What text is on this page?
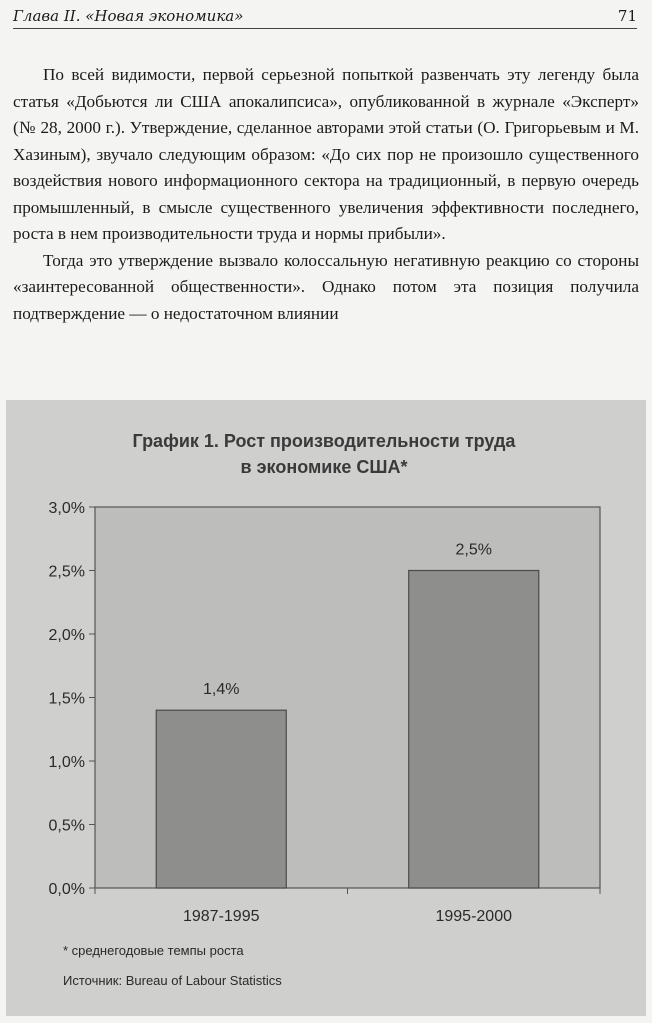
Глава II. «Новая экономика»	71

По всей видимости, первой серьезной попыткой развенчать эту легенду была статья «Добьются ли США апокалипсиса», опубликованной в журнале «Эксперт» (№ 28, 2000 г.). Утверждение, сделанное авторами этой статьи (О. Григорьевым и М. Хазиным), звучало следующим образом: «До сих пор не произошло существенного воздействия нового информационного сектора на традиционный, в первую очередь промышленный, в смысле существенного увеличения эффективности последнего, роста в нем производительности труда и нормы прибыли».

Тогда это утверждение вызвало колоссальную негативную реакцию со стороны «заинтересованной общественности». Однако потом эта позиция получила подтверждение — о недостаточном влиянии

График 1. Рост производительности труда
в экономике США*
0,0%
0,5%
1,0%
1,5%
2,0%
2,5%
3,0%
1,4%
2,5%
1987-1995	1995-2000
* среднегодовые темпы роста
Источник: Bureau of Labour Statistics
